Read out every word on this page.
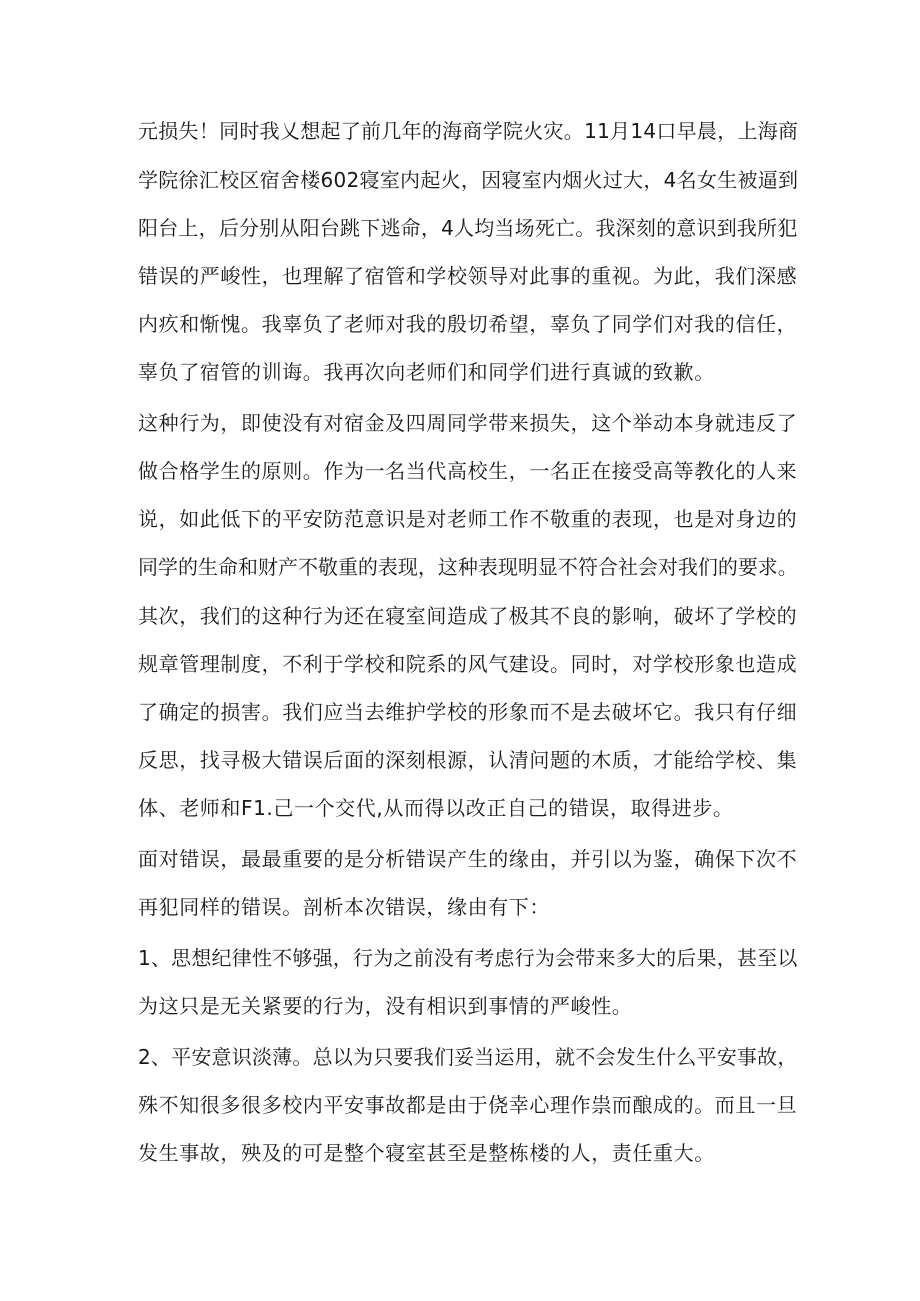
元损失！同时我乂想起了前几年的海商学院火灾。11月14口早晨，上海商
学院徐汇校区宿舍楼602寝室内起火，因寝室内烟火过大，4名女生被逼到
阳台上，后分别从阳台跳下逃命，4人均当场死亡。我深刻的意识到我所犯
错误的严峻性，也理解了宿管和学校领导对此事的重视。为此，我们深感
内疚和惭愧。我辜负了老师对我的殷切希望，辜负了同学们对我的信任，
辜负了宿管的训诲。我再次向老师们和同学们进行真诚的致歉。
这种行为，即使没有对宿金及四周同学带来损失，这个举动本身就违反了
做合格学生的原则。作为一名当代高校生，一名正在接受高等教化的人来
说，如此低下的平安防范意识是对老师工作不敬重的表现，也是对身边的
同学的生命和财产不敬重的表现，这种表现明显不符合社会对我们的要求。
其次，我们的这种行为还在寝室间造成了极其不良的影响，破坏了学校的
规章管理制度，不利于学校和院系的风气建设。同时，对学校形象也造成
了确定的损害。我们应当去维护学校的形象而不是去破坏它。我只有仔细
反思，找寻极大错误后面的深刻根源，认清问题的木质，才能给学校、集
体、老师和F1.己一个交代,从而得以改正自己的错误，取得进步。
面对错误，最最重要的是分析错误产生的缘由，并引以为鉴，确保下次不
再犯同样的错误。剖析本次错误，缘由有下：
1、思想纪律性不够强，行为之前没有考虑行为会带来多大的后果，甚至以
为这只是无关紧要的行为，没有相识到事情的严峻性。
2、平安意识淡薄。总以为只要我们妥当运用，就不会发生什么平安事故，
殊不知很多很多校内平安事故都是由于侥幸心理作祟而酿成的。而且一旦
发生事故，殃及的可是整个寝室甚至是整栋楼的人，责任重大。
